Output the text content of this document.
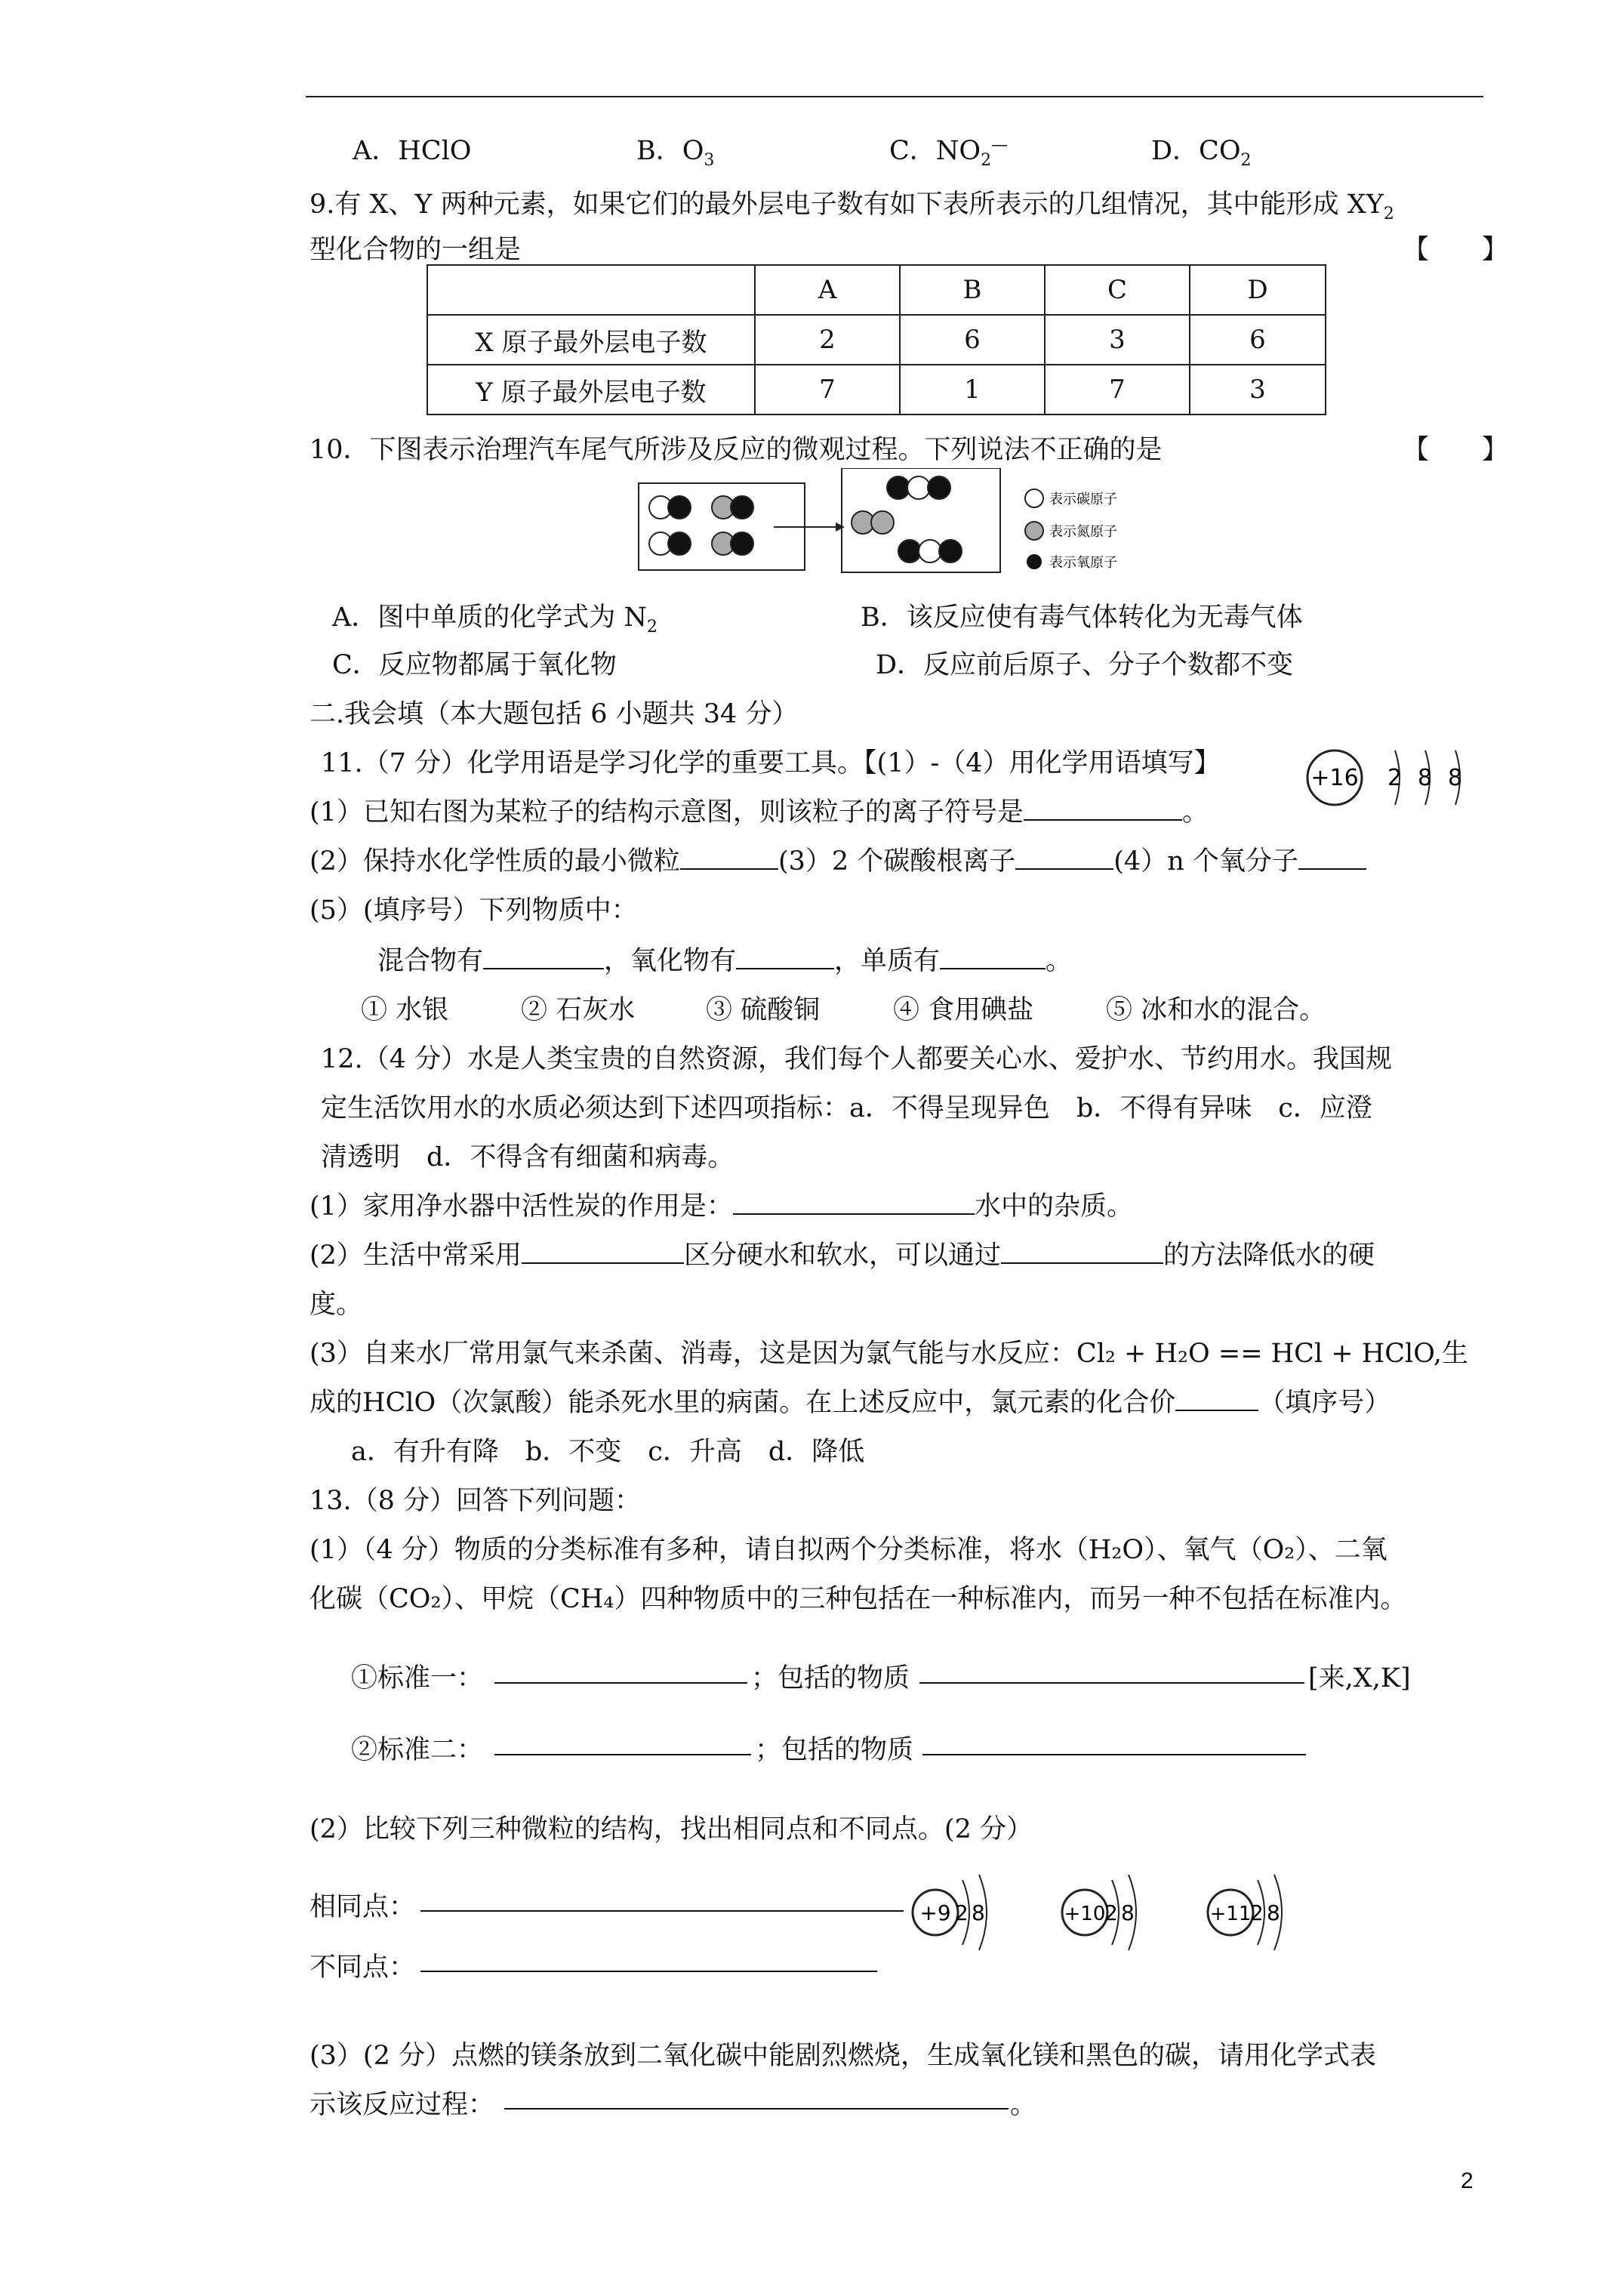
A．HClO	B．$O_3$	C．$NO_2^—$	D．$CO_2$
9.有 X、Y 两种元素，如果它们的最外层电子数有如下表所表示的几组情况，其中能形成 $XY_2$
型化合物的一组是	【　　】
	A	B	C	D
X 原子最外层电子数	2	6	3	6
Y 原子最外层电子数	7	1	7	3
10．下图表示治理汽车尾气所涉及反应的微观过程。下列说法不正确的是	【　　】
表示碳原子
表示氮原子
表示氧原子
A．图中单质的化学式为 $N_2$	B．该反应使有毒气体转化为无毒气体
C．反应物都属于氧化物	D．反应前后原子、分子个数都不变
二.我会填（本大题包括 6 小题共 34 分）
11.（7 分）化学用语是学习化学的重要工具。【(1）-（4）用化学用语填写】	+16 2 8 8
(1）已知右图为某粒子的结构示意图，则该粒子的离子符号是	。
(2）保持水化学性质的最小微粒	(3）2 个碳酸根离子	(4）n 个氧分子
(5）(填序号）下列物质中：
混合物有	，氧化物有	，单质有	。
① 水银	② 石灰水	③ 硫酸铜	④ 食用碘盐	⑤ 冰和水的混合。
12.（4 分）水是人类宝贵的自然资源，我们每个人都要关心水、爱护水、节约用水。我国规
定生活饮用水的水质必须达到下述四项指标：a．不得呈现异色　b．不得有异味　c．应澄
清透明　d．不得含有细菌和病毒。
(1）家用净水器中活性炭的作用是：	水中的杂质。
(2）生活中常采用	区分硬水和软水，可以通过	的方法降低水的硬
度。
(3）自来水厂常用氯气来杀菌、消毒，这是因为氯气能与水反应：Cl₂ + H₂O == HCl + HClO,生
成的HClO（次氯酸）能杀死水里的病菌。在上述反应中，氯元素的化合价	（填序号）
a．有升有降　b．不变　c．升高　d．降低
13.（8 分）回答下列问题：
(1）（4 分）物质的分类标准有多种，请自拟两个分类标准，将水（H₂O）、氧气（O₂）、二氧
化碳（CO₂）、甲烷（CH₄）四种物质中的三种包括在一种标准内，而另一种不包括在标准内。
①标准一：	；包括的物质	[来,X,K]
②标准二：	；包括的物质
(2）比较下列三种微粒的结构，找出相同点和不同点。(2 分）
相同点：
不同点：
+9 2 8	+10
2 8	+11
2 8
(3）(2 分）点燃的镁条放到二氧化碳中能剧烈燃烧，生成氧化镁和黑色的碳，请用化学式表
示该反应过程：	。
2
